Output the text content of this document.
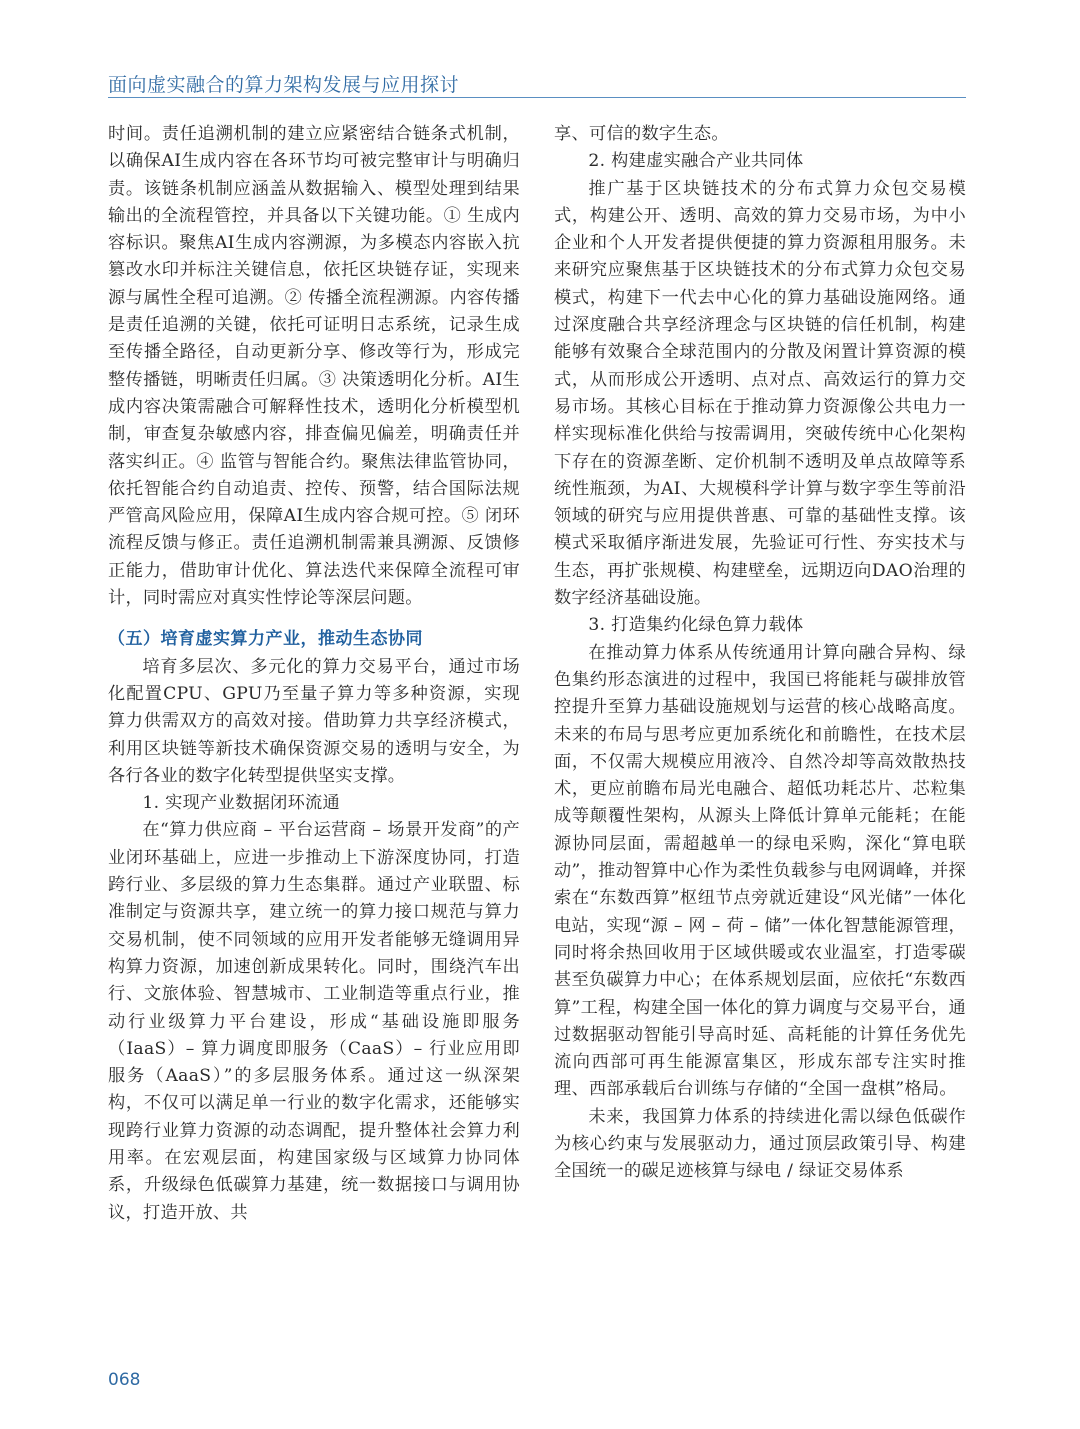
面向虚实融合的算力架构发展与应用探讨

时间。责任追溯机制的建立应紧密结合链条式机制，以确保AI生成内容在各环节均可被完整审计与明确归责。该链条机制应涵盖从数据输入、模型处理到结果输出的全流程管控，并具备以下关键功能。① 生成内容标识。聚焦AI生成内容溯源，为多模态内容嵌入抗篡改水印并标注关键信息，依托区块链存证，实现来源与属性全程可追溯。② 传播全流程溯源。内容传播是责任追溯的关键，依托可证明日志系统，记录生成至传播全路径，自动更新分享、修改等行为，形成完整传播链，明晰责任归属。③ 决策透明化分析。AI生成内容决策需融合可解释性技术，透明化分析模型机制，审查复杂敏感内容，排查偏见偏差，明确责任并落实纠正。④ 监管与智能合约。聚焦法律监管协同，依托智能合约自动追责、控传、预警，结合国际法规严管高风险应用，保障AI生成内容合规可控。⑤ 闭环流程反馈与修正。责任追溯机制需兼具溯源、反馈修正能力，借助审计优化、算法迭代来保障全流程可审计，同时需应对真实性悖论等深层问题。

（五）培育虚实算力产业，推动生态协同

培育多层次、多元化的算力交易平台，通过市场化配置CPU、GPU乃至量子算力等多种资源，实现算力供需双方的高效对接。借助算力共享经济模式，利用区块链等新技术确保资源交易的透明与安全，为各行各业的数字化转型提供坚实支撑。

1. 实现产业数据闭环流通

在“算力供应商 – 平台运营商 – 场景开发商”的产业闭环基础上，应进一步推动上下游深度协同，打造跨行业、多层级的算力生态集群。通过产业联盟、标准制定与资源共享，建立统一的算力接口规范与算力交易机制，使不同领域的应用开发者能够无缝调用异构算力资源，加速创新成果转化。同时，围绕汽车出行、文旅体验、智慧城市、工业制造等重点行业，推动行业级算力平台建设，形成“基础设施即服务（IaaS）– 算力调度即服务（CaaS）– 行业应用即服务（AaaS）”的多层服务体系。通过这一纵深架构，不仅可以满足单一行业的数字化需求，还能够实现跨行业算力资源的动态调配，提升整体社会算力利用率。在宏观层面，构建国家级与区域算力协同体系，升级绿色低碳算力基建，统一数据接口与调用协议，打造开放、共

享、可信的数字生态。

2. 构建虚实融合产业共同体

推广基于区块链技术的分布式算力众包交易模式，构建公开、透明、高效的算力交易市场，为中小企业和个人开发者提供便捷的算力资源租用服务。未来研究应聚焦基于区块链技术的分布式算力众包交易模式，构建下一代去中心化的算力基础设施网络。通过深度融合共享经济理念与区块链的信任机制，构建能够有效聚合全球范围内的分散及闲置计算资源的模式，从而形成公开透明、点对点、高效运行的算力交易市场。其核心目标在于推动算力资源像公共电力一样实现标准化供给与按需调用，突破传统中心化架构下存在的资源垄断、定价机制不透明及单点故障等系统性瓶颈，为AI、大规模科学计算与数字孪生等前沿领域的研究与应用提供普惠、可靠的基础性支撑。该模式采取循序渐进发展，先验证可行性、夯实技术与生态，再扩张规模、构建壁垒，远期迈向DAO治理的数字经济基础设施。

3. 打造集约化绿色算力载体

在推动算力体系从传统通用计算向融合异构、绿色集约形态演进的过程中，我国已将能耗与碳排放管控提升至算力基础设施规划与运营的核心战略高度。未来的布局与思考应更加系统化和前瞻性，在技术层面，不仅需大规模应用液冷、自然冷却等高效散热技术，更应前瞻布局光电融合、超低功耗芯片、芯粒集成等颠覆性架构，从源头上降低计算单元能耗；在能源协同层面，需超越单一的绿电采购，深化“算电联动”，推动智算中心作为柔性负载参与电网调峰，并探索在“东数西算”枢纽节点旁就近建设“风光储”一体化电站，实现“源 – 网 – 荷 – 储”一体化智慧能源管理，同时将余热回收用于区域供暖或农业温室，打造零碳甚至负碳算力中心；在体系规划层面，应依托“东数西算”工程，构建全国一体化的算力调度与交易平台，通过数据驱动智能引导高时延、高耗能的计算任务优先流向西部可再生能源富集区，形成东部专注实时推理、西部承载后台训练与存储的“全国一盘棋”格局。

未来，我国算力体系的持续进化需以绿色低碳作为核心约束与发展驱动力，通过顶层政策引导、构建全国统一的碳足迹核算与绿电 / 绿证交易体系

068
